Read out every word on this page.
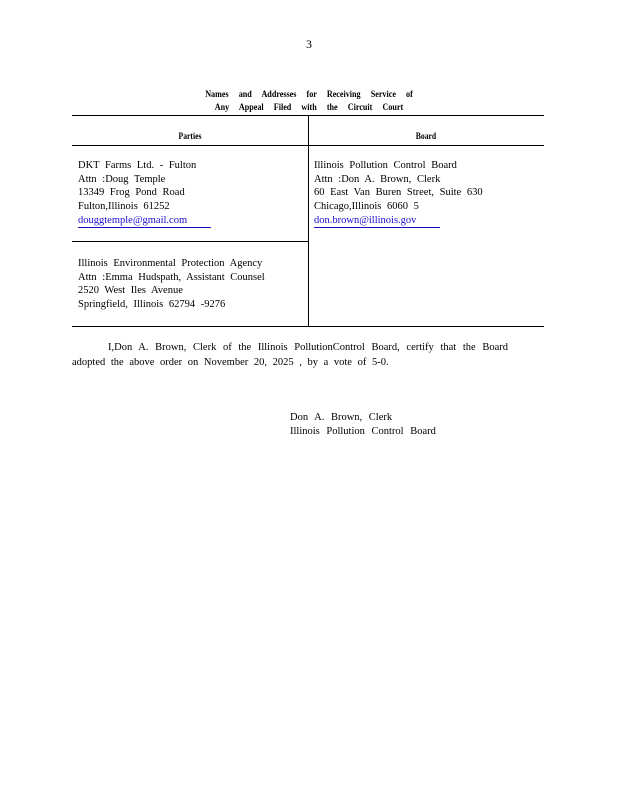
3
Names and Addresses for Receiving Service of
Any Appeal Filed with the Circuit Court
Parties	Board
DKT Farms Ltd. - Fulton
Attn :Doug Temple
13349 Frog Pond Road
Fulton,Illinois 61252
douggtemple@gmail.com
Illinois Pollution Control Board
Attn :Don A. Brown, Clerk
60 East Van Buren Street, Suite 630
Chicago,Illinois 6060 5
don.brown@illinois.gov
Illinois Environmental Protection Agency
Attn :Emma Hudspath, Assistant Counsel
2520 West Iles Avenue
Springfield, Illinois 62794 -9276
I,Don A. Brown, Clerk of the Illinois PollutionControl Board, certify that the Board adopted the above order on November 20, 2025 , by a vote of 5-0.
Don A. Brown, Clerk
Illinois Pollution Control Board
